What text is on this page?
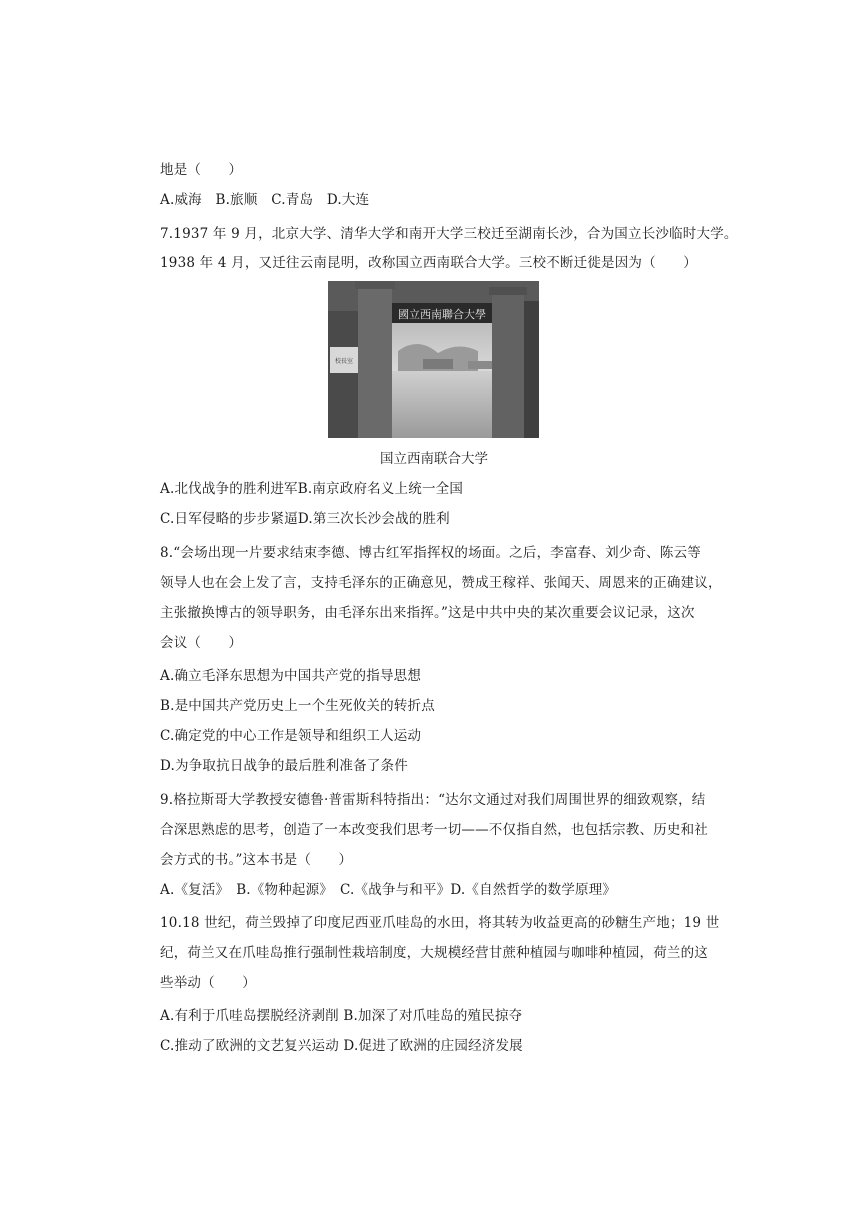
地是（　　）
A.威海　B.旅顺　C.青岛　D.大连
7.1937 年 9 月，北京大学、清华大学和南开大学三校迁至湖南长沙，合为国立长沙临时大学。
1938 年 4 月，又迁往云南昆明，改称国立西南联合大学。三校不断迁徙是因为（　　）
國立西南聯合大學
校長室
国立西南联合大学
A.北伐战争的胜利进军B.南京政府名义上统一全国
C.日军侵略的步步紧逼D.第三次长沙会战的胜利
8.“会场出现一片要求结束李德、博古红军指挥权的场面。之后，李富春、刘少奇、陈云等
领导人也在会上发了言，支持毛泽东的正确意见，赞成王稼祥、张闻天、周恩来的正确建议，
主张撤换博古的领导职务，由毛泽东出来指挥。”这是中共中央的某次重要会议记录，这次
会议（　　）
A.确立毛泽东思想为中国共产党的指导思想
B.是中国共产党历史上一个生死攸关的转折点
C.确定党的中心工作是领导和组织工人运动
D.为争取抗日战争的最后胜利准备了条件
9.格拉斯哥大学教授安德鲁·普雷斯科特指出：“达尔文通过对我们周围世界的细致观察，结
合深思熟虑的思考，创造了一本改变我们思考一切——不仅指自然，也包括宗教、历史和社
会方式的书。”这本书是（　　）
A.《复活》　B.《物种起源》　C.《战争与和平》D.《自然哲学的数学原理》
10.18 世纪，荷兰毁掉了印度尼西亚爪哇岛的水田，将其转为收益更高的砂糖生产地；19 世
纪，荷兰又在爪哇岛推行强制性栽培制度，大规模经营甘蔗种植园与咖啡种植园，荷兰的这
些举动（　　）
A.有利于爪哇岛摆脱经济剥削 B.加深了对爪哇岛的殖民掠夺
C.推动了欧洲的文艺复兴运动 D.促进了欧洲的庄园经济发展
